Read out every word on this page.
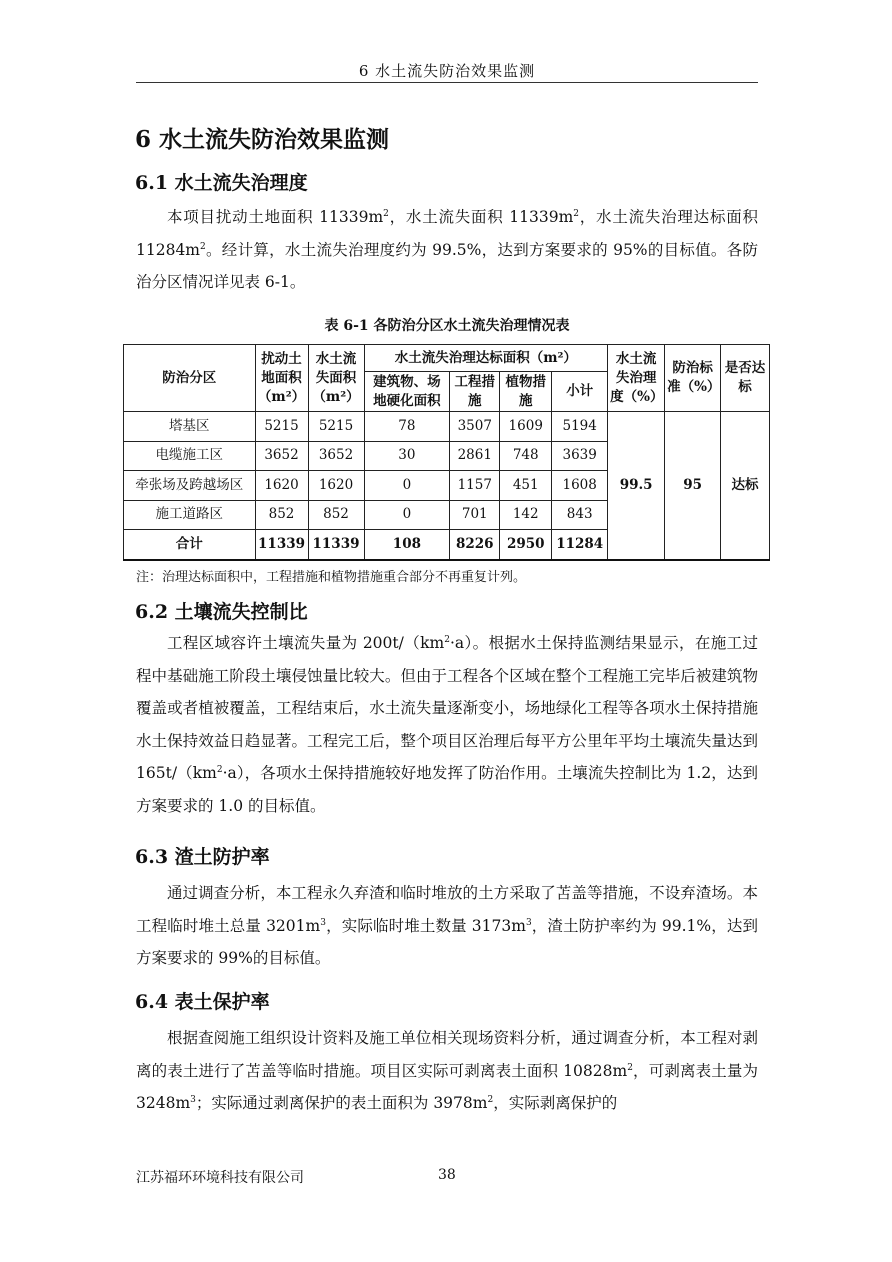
6 水土流失防治效果监测
6 水土流失防治效果监测
6.1 水土流失治理度

本项目扰动土地面积 $11339m^2$，水土流失面积 $11339m^2$，水土流失治理达标面积 $11284m^2$。经计算，水土流失治理度约为 99.5%，达到方案要求的 95%的目标值。各防治分区情况详见表 6-1。

表 6-1 各防治分区水土流失治理情况表
防治分区	扰动土地面积（m²）	水土流失面积（m²）	水土流失治理达标面积（m²）				水土流失治理度（%）	防治标准（%）	是否达标
			建筑物、场地硬化面积	工程措施	植物措施	小计			
塔基区	5215	5215	78	3507	1609	5194	99.5	95	达标
电缆施工区	3652	3652	30	2861	748	3639			
牵张场及跨越场区	1620	1620	0	1157	451	1608			
施工道路区	852	852	0	701	142	843			
合计	11339	11339	108	8226	2950	11284			
注：治理达标面积中，工程措施和植物措施重合部分不再重复计列。
6.2 土壤流失控制比

工程区域容许土壤流失量为 $200t/(km^2\cdot a)$。根据水土保持监测结果显示，在施工过程中基础施工阶段土壤侵蚀量比较大。但由于工程各个区域在整个工程施工完毕后被建筑物覆盖或者植被覆盖，工程结束后，水土流失量逐渐变小，场地绿化工程等各项水土保持措施水土保持效益日趋显著。工程完工后，整个项目区治理后每平方公里年平均土壤流失量达到 $165t/(km^2\cdot a)$，各项水土保持措施较好地发挥了防治作用。土壤流失控制比为 1.2，达到方案要求的 1.0 的目标值。

6.3 渣土防护率

通过调查分析，本工程永久弃渣和临时堆放的土方采取了苫盖等措施，不设弃渣场。本工程临时堆土总量 $3201m^3$，实际临时堆土数量 $3173m^3$，渣土防护率约为 99.1%，达到方案要求的 99%的目标值。

6.4 表土保护率

根据查阅施工组织设计资料及施工单位相关现场资料分析，通过调查分析，本工程对剥离的表土进行了苫盖等临时措施。项目区实际可剥离表土面积 $10828m^2$，可剥离表土量为 $3248m^3$；实际通过剥离保护的表土面积为 $3978m^2$，实际剥离保护的

江苏福环环境科技有限公司	38
